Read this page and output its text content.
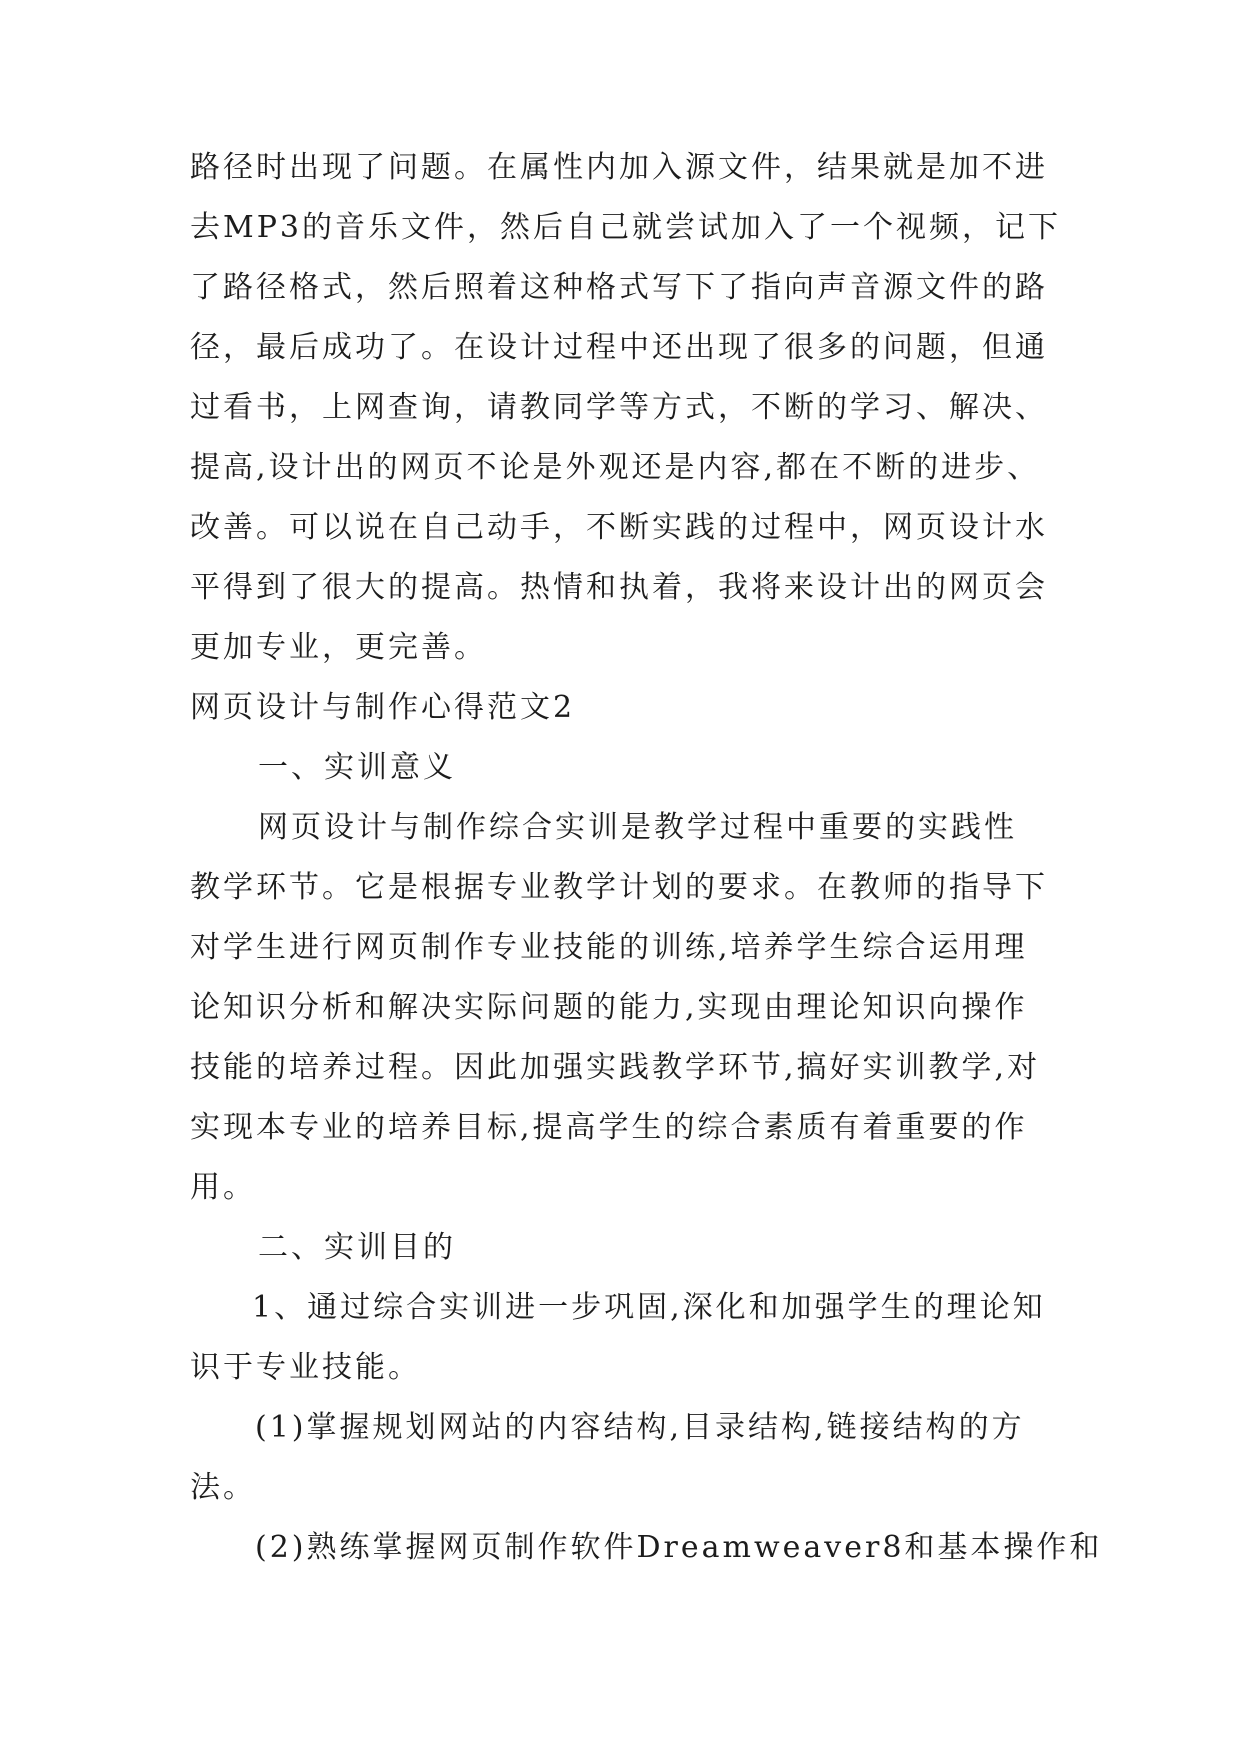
路径时出现了问题。在属性内加入源文件，结果就是加不进
去MP3的音乐文件，然后自己就尝试加入了一个视频，记下
了路径格式，然后照着这种格式写下了指向声音源文件的路
径，最后成功了。在设计过程中还出现了很多的问题，但通
过看书，上网查询，请教同学等方式，不断的学习、解决、
提高,设计出的网页不论是外观还是内容,都在不断的进步、
改善。可以说在自己动手，不断实践的过程中，网页设计水
平得到了很大的提高。热情和执着，我将来设计出的网页会
更加专业，更完善。
网页设计与制作心得范文2
一、实训意义
网页设计与制作综合实训是教学过程中重要的实践性
教学环节。它是根据专业教学计划的要求。在教师的指导下
对学生进行网页制作专业技能的训练,培养学生综合运用理
论知识分析和解决实际问题的能力,实现由理论知识向操作
技能的培养过程。因此加强实践教学环节,搞好实训教学,对
实现本专业的培养目标,提高学生的综合素质有着重要的作
用。
二、实训目的
1、通过综合实训进一步巩固,深化和加强学生的理论知
识于专业技能。
(1)掌握规划网站的内容结构,目录结构,链接结构的方
法。
(2)熟练掌握网页制作软件Dreamweaver8和基本操作和
